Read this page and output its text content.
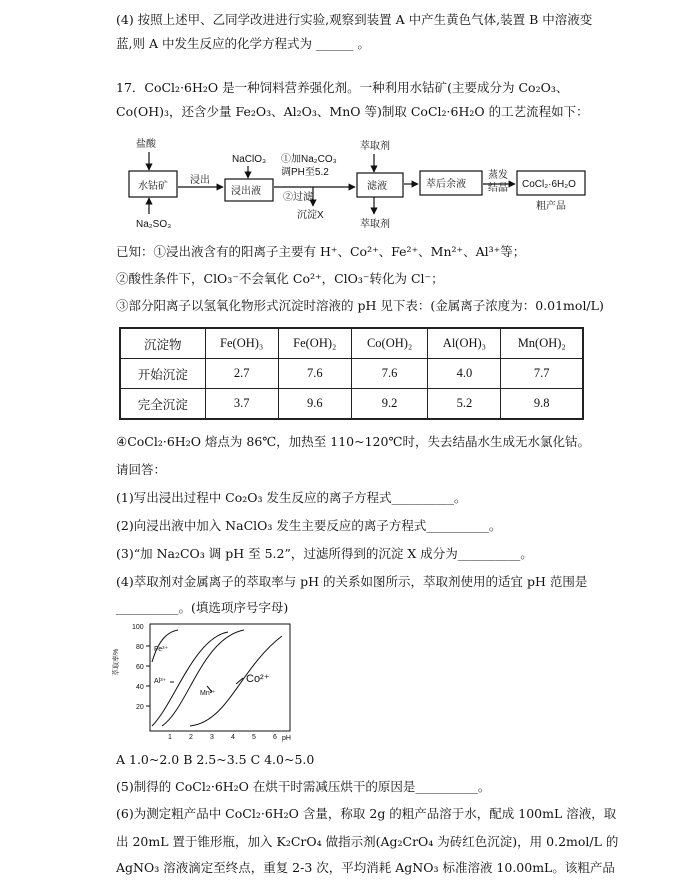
(4) 按照上述甲、乙同学改进进行实验,观察到装置 A 中产生黄色气体,装置 B 中溶液变
蓝,则 A 中发生反应的化学方程式为 ______ 。
17．CoCl₂·6H₂O 是一种饲料营养强化剂。一种利用水钴矿(主要成分为 Co₂O₃、
Co(OH)₃，还含少量 Fe₂O₃、Al₂O₃、MnO 等)制取 CoCl₂·6H₂O 的工艺流程如下：
盐酸
水钴矿
浸出
Na₂SO₃
NaClO₃
浸出液
①加Na₂CO₃
调PH至5.2
②过滤
沉淀X
萃取剂
滤液
萃取剂
萃后余液
蒸发
结晶 CoCl₂·6H₂O
粗产品
已知：①浸出液含有的阳离子主要有 H⁺、Co²⁺、Fe²⁺、Mn²⁺、Al³⁺等；
②酸性条件下，ClO₃⁻不会氧化 Co²⁺，ClO₃⁻转化为 Cl⁻；
③部分阳离子以氢氧化物形式沉淀时溶液的 pH 见下表：(金属离子浓度为：0.01mol/L)
沉淀物	Fe(OH)₃	Fe(OH)₂	Co(OH)₂	Al(OH)₃	Mn(OH)₂
开始沉淀	2.7	7.6	7.6	4.0	7.7
完全沉淀	3.7	9.6	9.2	5.2	9.8
④CoCl₂·6H₂O 熔点为 86℃，加热至 110~120℃时，失去结晶水生成无水氯化钴。
请回答：
(1)写出浸出过程中 Co₂O₃ 发生反应的离子方程式__________。
(2)向浸出液中加入 NaClO₃ 发生主要反应的离子方程式__________。
(3)“加 Na₂CO₃ 调 pH 至 5.2”，过滤所得到的沉淀 X 成分为__________。
(4)萃取剂对金属离子的萃取率与 pH 的关系如图所示，萃取剂使用的适宜 pH 范围是
__________。(填选项序号字母)
萃取率%
100
80
60
40
20
1 2 3 4 5 6 pH
Fe³⁺
Al³⁺
Mn²⁺
Co²⁺
A 1.0~2.0 B 2.5~3.5 C 4.0~5.0
(5)制得的 CoCl₂·6H₂O 在烘干时需减压烘干的原因是__________。
(6)为测定粗产品中 CoCl₂·6H₂O 含量，称取 2g 的粗产品溶于水，配成 100mL 溶液，取
出 20mL 置于锥形瓶，加入 K₂CrO₄ 做指示剂(Ag₂CrO₄ 为砖红色沉淀)，用 0.2mol/L 的
AgNO₃ 溶液滴定至终点，重复 2-3 次，平均消耗 AgNO₃ 标准溶液 10.00mL。该粗产品
